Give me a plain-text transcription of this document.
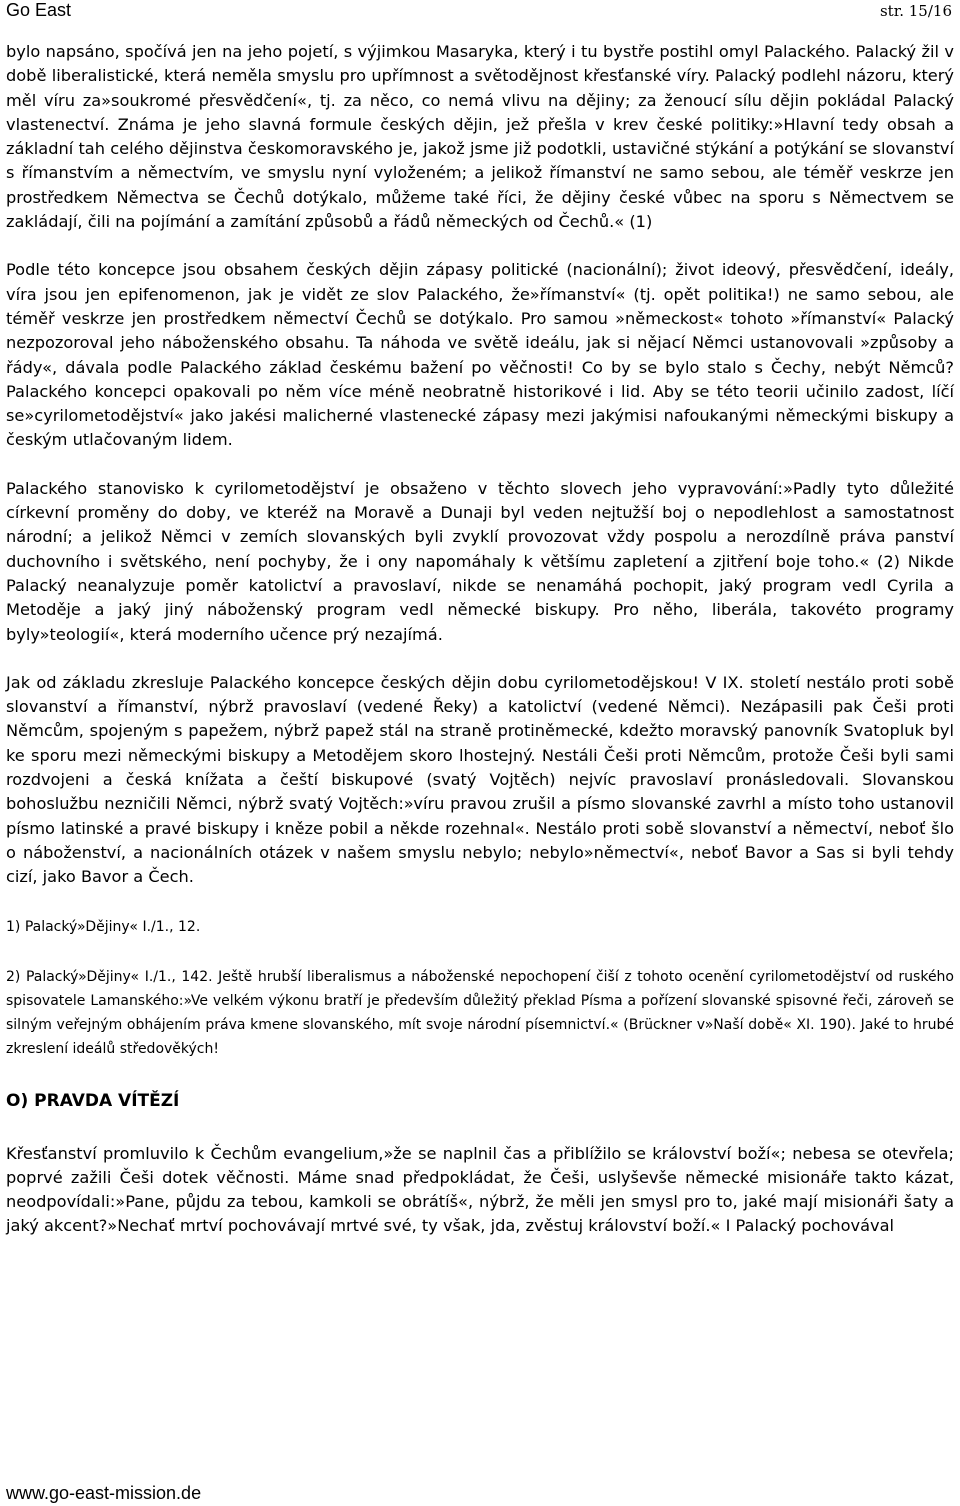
Go East	str. 15/16

bylo napsáno, spočívá jen na jeho pojetí, s výjimkou Masaryka, který i tu bystře postihl omyl Palackého. Palacký žil v době liberalistické, která neměla smyslu pro upřímnost a světodějnost křesťanské víry. Palacký podlehl názoru, který měl víru za»soukromé přesvědčení«, tj. za něco, co nemá vlivu na dějiny; za ženoucí sílu dějin pokládal Palacký vlastenectví. Známa je jeho slavná formule českých dějin, jež přešla v krev české politiky:»Hlavní tedy obsah a základní tah celého dějinstva českomoravského je, jakož jsme již podotkli, ustavičné stýkání a potýkání se slovanství s římanstvím a němectvím, ve smyslu nyní vyloženém; a jelikož římanství ne samo sebou, ale téměř veskrze jen prostředkem Němectva se Čechů dotýkalo, můžeme také říci, že dějiny české vůbec na sporu s Němectvem se zakládají, čili na pojímání a zamítání způsobů a řádů německých od Čechů.« (1)

Podle této koncepce jsou obsahem českých dějin zápasy politické (nacionální); život ideový, přesvědčení, ideály, víra jsou jen epifenomenon, jak je vidět ze slov Palackého, že»římanství« (tj. opět politika!) ne samo sebou, ale téměř veskrze jen prostředkem němectví Čechů se dotýkalo. Pro samou »německost« tohoto »římanství« Palacký nezpozoroval jeho náboženského obsahu. Ta náhoda ve světě ideálu, jak si nějací Němci ustanovovali »způsoby a řády«, dávala podle Palackého základ českému bažení po věčnosti! Co by se bylo stalo s Čechy, nebýt Němců? Palackého koncepci opakovali po něm více méně neobratně historikové i lid. Aby se této teorii učinilo zadost, líčí se»cyrilometodějství« jako jakési malicherné vlastenecké zápasy mezi jakýmisi nafoukanými německými biskupy a českým utlačovaným lidem.

Palackého stanovisko k cyrilometodějství je obsaženo v těchto slovech jeho vypravování:»Padly tyto důležité církevní proměny do doby, ve kteréž na Moravě a Dunaji byl veden nejtužší boj o nepodlehlost a samostatnost národní; a jelikož Němci v zemích slovanských byli zvyklí provozovat vždy pospolu a nerozdílně práva panství duchovního i světského, není pochyby, že i ony napomáhaly k většímu zapletení a zjitření boje toho.« (2) Nikde Palacký neanalyzuje poměr katolictví a pravoslaví, nikde se nenamáhá pochopit, jaký program vedl Cyrila a Metoděje a jaký jiný náboženský program vedl německé biskupy. Pro něho, liberála, takovéto programy byly»teologií«, která moderního učence prý nezajímá.

Jak od základu zkresluje Palackého koncepce českých dějin dobu cyrilometodějskou! V IX. století nestálo proti sobě slovanství a římanství, nýbrž pravoslaví (vedené Řeky) a katolictví (vedené Němci). Nezápasili pak Češi proti Němcům, spojeným s papežem, nýbrž papež stál na straně protiněmecké, kdežto moravský panovník Svatopluk byl ke sporu mezi německými biskupy a Metodějem skoro lhostejný. Nestáli Češi proti Němcům, protože Češi byli sami rozdvojeni a česká knížata a čeští biskupové (svatý Vojtěch) nejvíc pravoslaví pronásledovali. Slovanskou bohoslužbu nezničili Němci, nýbrž svatý Vojtěch:»víru pravou zrušil a písmo slovanské zavrhl a místo toho ustanovil písmo latinské a pravé biskupy i kněze pobil a někde rozehnal«. Nestálo proti sobě slovanství a němectví, neboť šlo o náboženství, a nacionálních otázek v našem smyslu nebylo; nebylo»němectví«, neboť Bavor a Sas si byli tehdy cizí, jako Bavor a Čech.

1) Palacký»Dějiny« I./1., 12.

2) Palacký»Dějiny« I./1., 142. Ještě hrubší liberalismus a náboženské nepochopení čiší z tohoto ocenění cyrilometodějství od ruského spisovatele Lamanského:»Ve velkém výkonu bratří je především důležitý překlad Písma a pořízení slovanské spisovné řeči, zároveň se silným veřejným obhájením práva kmene slovanského, mít svoje národní písemnictví.« (Brückner v»Naší době« XI. 190). Jaké to hrubé zkreslení ideálů středověkých!

O) PRAVDA VÍTĚZÍ

Křesťanství promluvilo k Čechům evangelium,»že se naplnil čas a přiblížilo se království boží«; nebesa se otevřela; poprvé zažili Češi dotek věčnosti. Máme snad předpokládat, že Češi, uslyševše německé misionáře takto kázat, neodpovídali:»Pane, půjdu za tebou, kamkoli se obrátíš«, nýbrž, že měli jen smysl pro to, jaké mají misionáři šaty a jaký akcent?»Nechať mrtví pochovávají mrtvé své, ty však, jda, zvěstuj království boží.« I Palacký pochovával

www.go-east-mission.de
